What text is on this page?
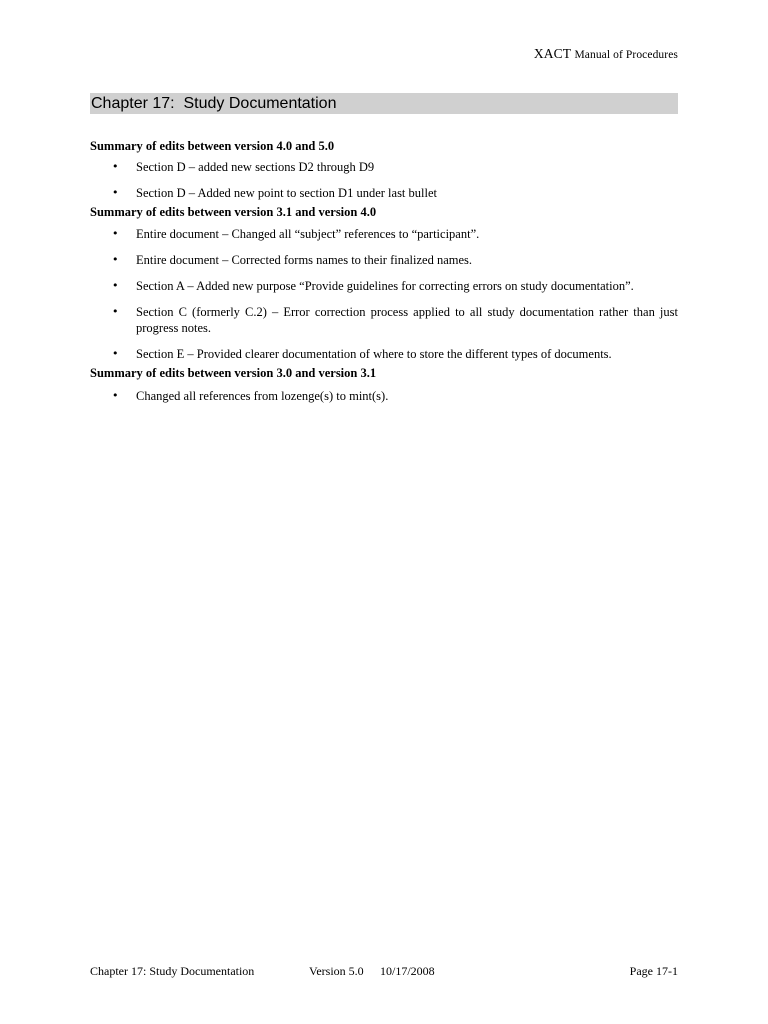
XACT Manual of Procedures
Chapter 17:  Study Documentation

Summary of edits between version 4.0 and 5.0

• Section D – added new sections D2 through D9
• Section D – Added new point to section D1 under last bullet

Summary of edits between version 3.1 and version 4.0

• Entire document – Changed all “subject” references to “participant”.
• Entire document – Corrected forms names to their finalized names.
• Section A – Added new purpose “Provide guidelines for correcting errors on study documentation”.
• Section C (formerly C.2) – Error correction process applied to all study documentation rather than just progress notes.
• Section E – Provided clearer documentation of where to store the different types of documents.

Summary of edits between version 3.0 and version 3.1

• Changed all references from lozenge(s) to mint(s).
Chapter 17: Study Documentation	Version 5.0 10/17/2008	Page 17-1
